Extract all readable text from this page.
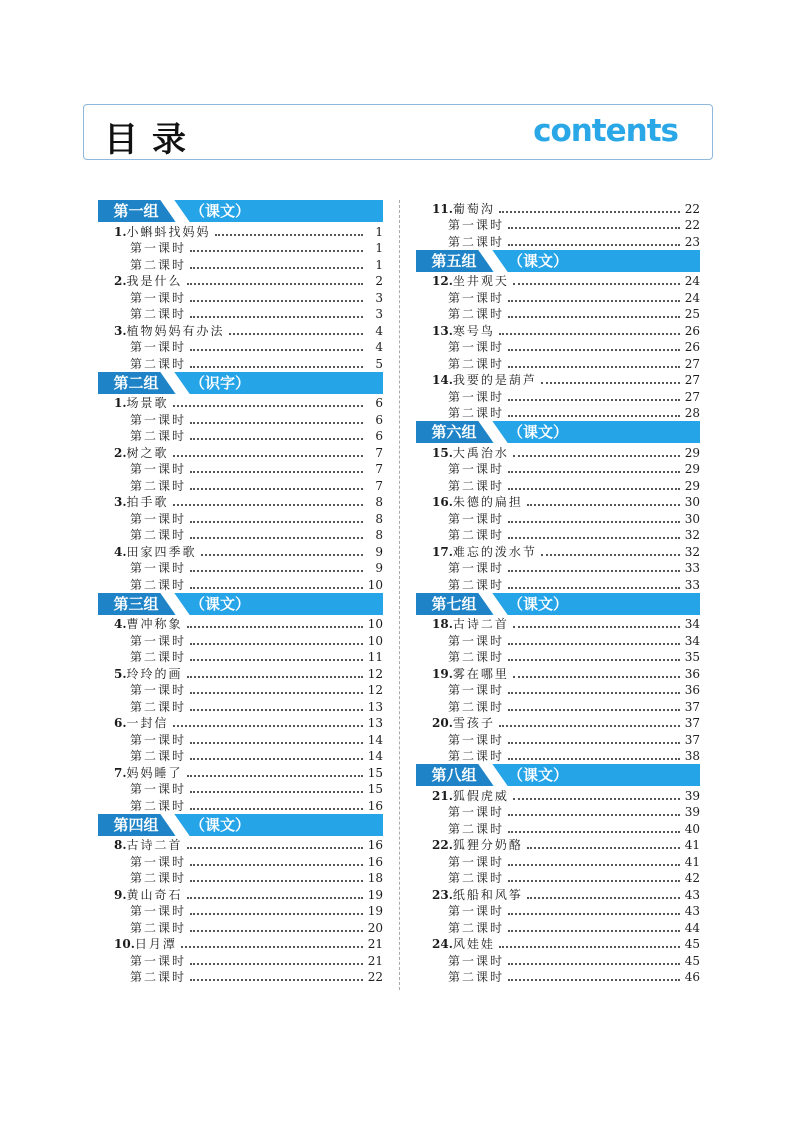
目录	contents
第一组	（课文）
1. 小蝌蚪找妈妈	1
第一课时	1
第二课时	1
2. 我是什么	2
第一课时	3
第二课时	3
3. 植物妈妈有办法	4
第一课时	4
第二课时	5
第二组	（识字）
1. 场景歌	6
第一课时	6
第二课时	6
2. 树之歌	7
第一课时	7
第二课时	7
3. 拍手歌	8
第一课时	8
第二课时	8
4. 田家四季歌	9
第一课时	9
第二课时	10
第三组	（课文）
4. 曹冲称象	10
第一课时	10
第二课时	11
5. 玲玲的画	12
第一课时	12
第二课时	13
6. 一封信	13
第一课时	14
第二课时	14
7. 妈妈睡了	15
第一课时	15
第二课时	16
第四组	（课文）
8. 古诗二首	16
第一课时	16
第二课时	18
9. 黄山奇石	19
第一课时	19
第二课时	20
10. 日月潭	21
第一课时	21
第二课时	22
11. 葡萄沟	22
第一课时	22
第二课时	23
第五组	（课文）
12. 坐井观天	24
第一课时	24
第二课时	25
13. 寒号鸟	26
第一课时	26
第二课时	27
14. 我要的是葫芦	27
第一课时	27
第二课时	28
第六组	（课文）
15. 大禹治水	29
第一课时	29
第二课时	29
16. 朱德的扁担	30
第一课时	30
第二课时	32
17. 难忘的泼水节	32
第一课时	33
第二课时	33
第七组	（课文）
18. 古诗二首	34
第一课时	34
第二课时	35
19. 雾在哪里	36
第一课时	36
第二课时	37
20. 雪孩子	37
第一课时	37
第二课时	38
第八组	（课文）
21. 狐假虎威	39
第一课时	39
第二课时	40
22. 狐狸分奶酪	41
第一课时	41
第二课时	42
23. 纸船和风筝	43
第一课时	43
第二课时	44
24. 风娃娃	45
第一课时	45
第二课时	46
